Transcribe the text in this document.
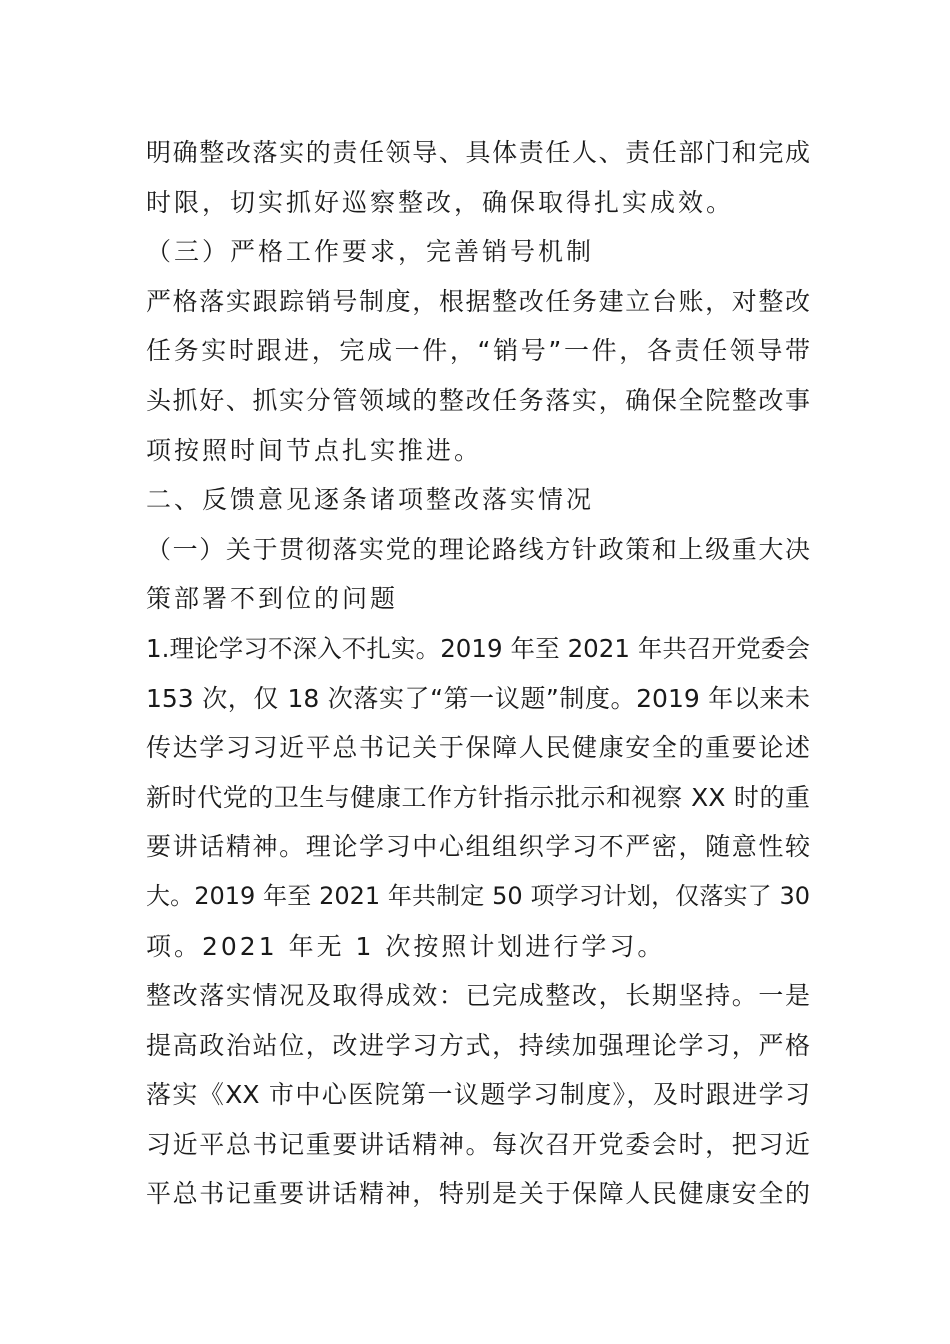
明确整改落实的责任领导、具体责任人、责任部门和完成
时限，切实抓好巡察整改，确保取得扎实成效。
（三）严格工作要求，完善销号机制
严格落实跟踪销号制度，根据整改任务建立台账，对整改
任务实时跟进，完成一件，“销号”一件，各责任领导带
头抓好、抓实分管领域的整改任务落实，确保全院整改事
项按照时间节点扎实推进。
二、反馈意见逐条诸项整改落实情况
（一）关于贯彻落实党的理论路线方针政策和上级重大决
策部署不到位的问题
1.理论学习不深入不扎实。2019 年至 2021 年共召开党委会
153 次，仅 18 次落实了“第一议题”制度。2019 年以来未
传达学习习近平总书记关于保障人民健康安全的重要论述
新时代党的卫生与健康工作方针指示批示和视察 XX 时的重
要讲话精神。理论学习中心组组织学习不严密，随意性较
大。2019 年至 2021 年共制定 50 项学习计划，仅落实了 30
项。2021 年无 1 次按照计划进行学习。
整改落实情况及取得成效：已完成整改，长期坚持。一是
提高政治站位，改进学习方式，持续加强理论学习，严格
落实《XX 市中心医院第一议题学习制度》，及时跟进学习
习近平总书记重要讲话精神。每次召开党委会时，把习近
平总书记重要讲话精神，特别是关于保障人民健康安全的
